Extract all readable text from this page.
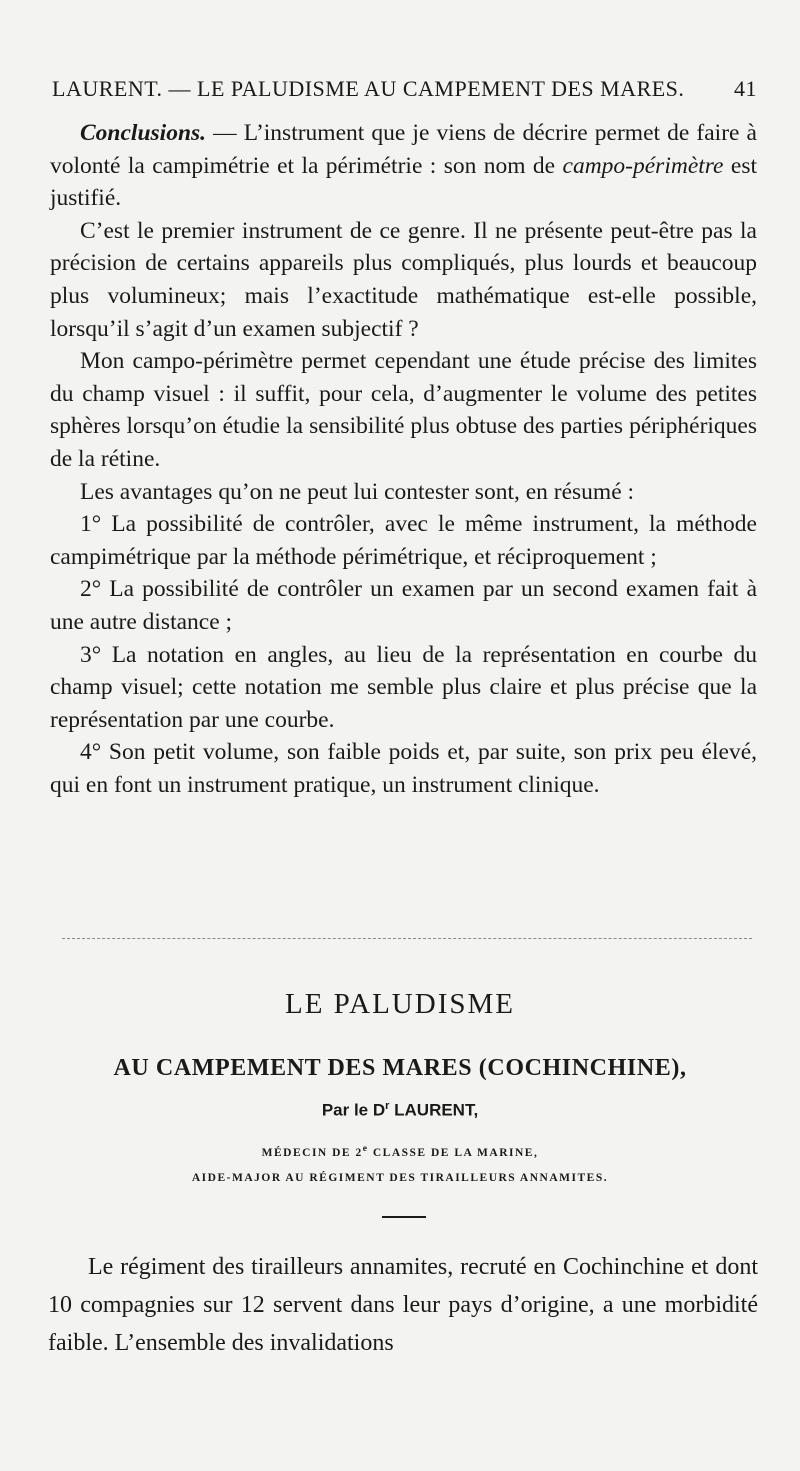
LAURENT. — LE PALUDISME AU CAMPEMENT DES MARES. 41

Conclusions. — L’instrument que je viens de décrire permet de faire à volonté la campimétrie et la périmétrie : son nom de campo-périmètre est justifié.

C’est le premier instrument de ce genre. Il ne présente peut-être pas la précision de certains appareils plus compliqués, plus lourds et beaucoup plus volumineux; mais l’exactitude mathématique est-elle possible, lorsqu’il s’agit d’un examen subjectif ?

Mon campo-périmètre permet cependant une étude précise des limites du champ visuel : il suffit, pour cela, d’augmenter le volume des petites sphères lorsqu’on étudie la sensibilité plus obtuse des parties périphériques de la rétine.

Les avantages qu’on ne peut lui contester sont, en résumé :

1° La possibilité de contrôler, avec le même instrument, la méthode campimétrique par la méthode périmétrique, et réciproquement ;

2° La possibilité de contrôler un examen par un second examen fait à une autre distance ;

3° La notation en angles, au lieu de la représentation en courbe du champ visuel; cette notation me semble plus claire et plus précise que la représentation par une courbe.

4° Son petit volume, son faible poids et, par suite, son prix peu élevé, qui en font un instrument pratique, un instrument clinique.

LE PALUDISME
AU CAMPEMENT DES MARES (COCHINCHINE),
Par le $D^r$ LAURENT,
MÉDECIN DE 2e CLASSE DE LA MARINE,
AIDE-MAJOR AU RÉGIMENT DES TIRAILLEURS ANNAMITES.

Le régiment des tirailleurs annamites, recruté en Cochinchine et dont 10 compagnies sur 12 servent dans leur pays d’origine, a une morbidité faible. L’ensemble des invalidations
